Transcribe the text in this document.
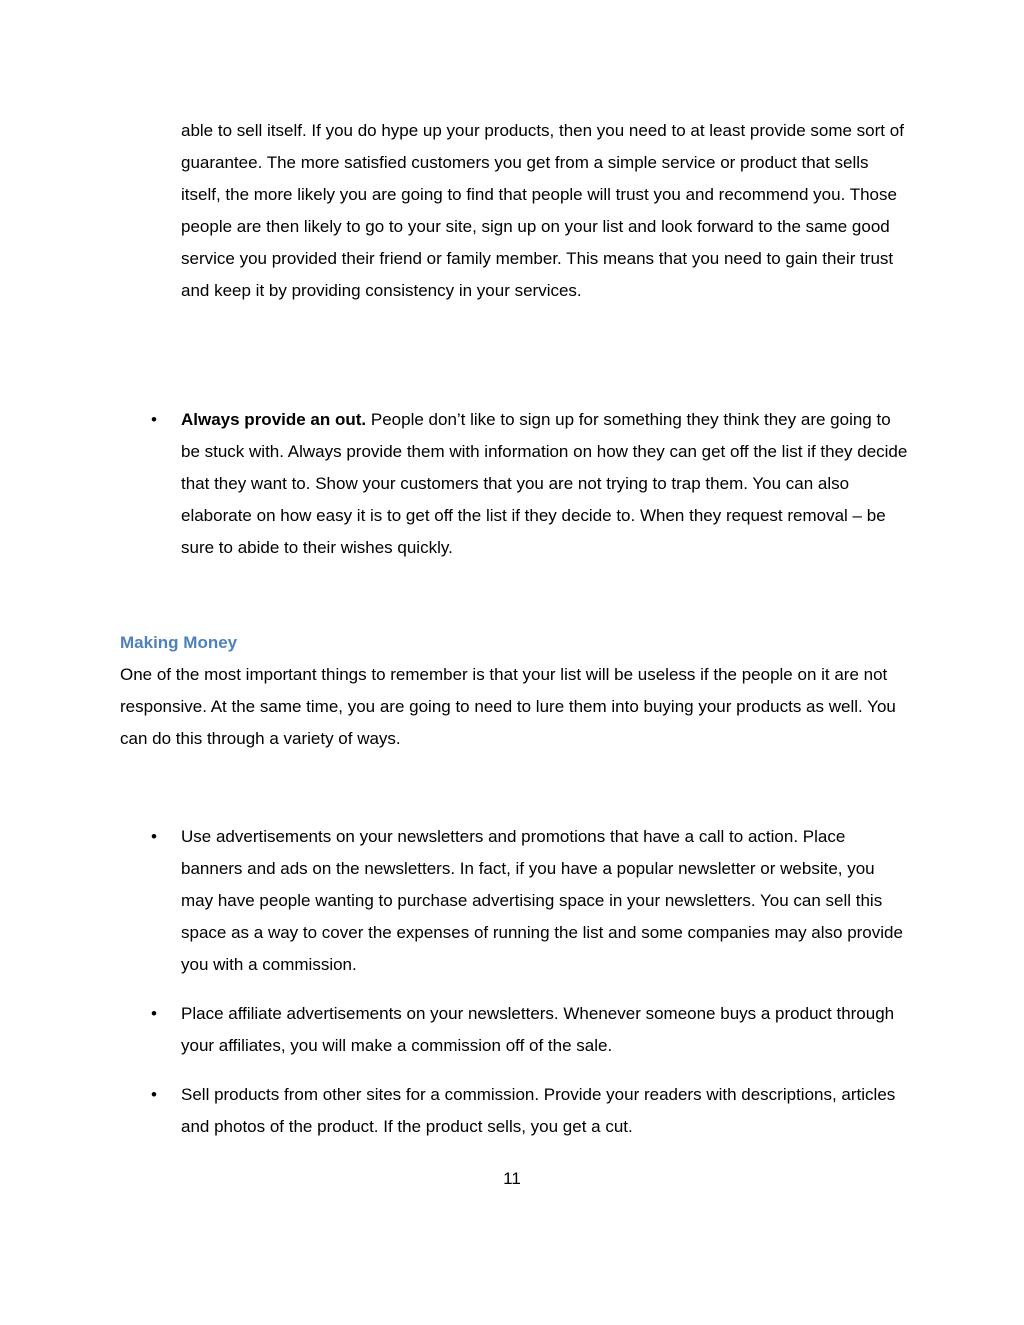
able to sell itself. If you do hype up your products, then you need to at least provide some sort of guarantee. The more satisfied customers you get from a simple service or product that sells itself, the more likely you are going to find that people will trust you and recommend you. Those people are then likely to go to your site, sign up on your list and look forward to the same good service you provided their friend or family member. This means that you need to gain their trust and keep it by providing consistency in your services.

• Always provide an out. People don’t like to sign up for something they think they are going to be stuck with. Always provide them with information on how they can get off the list if they decide that they want to. Show your customers that you are not trying to trap them. You can also elaborate on how easy it is to get off the list if they decide to. When they request removal – be sure to abide to their wishes quickly.

Making Money

One of the most important things to remember is that your list will be useless if the people on it are not responsive. At the same time, you are going to need to lure them into buying your products as well. You can do this through a variety of ways.

• Use advertisements on your newsletters and promotions that have a call to action. Place banners and ads on the newsletters. In fact, if you have a popular newsletter or website, you may have people wanting to purchase advertising space in your newsletters. You can sell this space as a way to cover the expenses of running the list and some companies may also provide you with a commission.

• Place affiliate advertisements on your newsletters. Whenever someone buys a product through your affiliates, you will make a commission off of the sale.

• Sell products from other sites for a commission. Provide your readers with descriptions, articles and photos of the product. If the product sells, you get a cut.

11
